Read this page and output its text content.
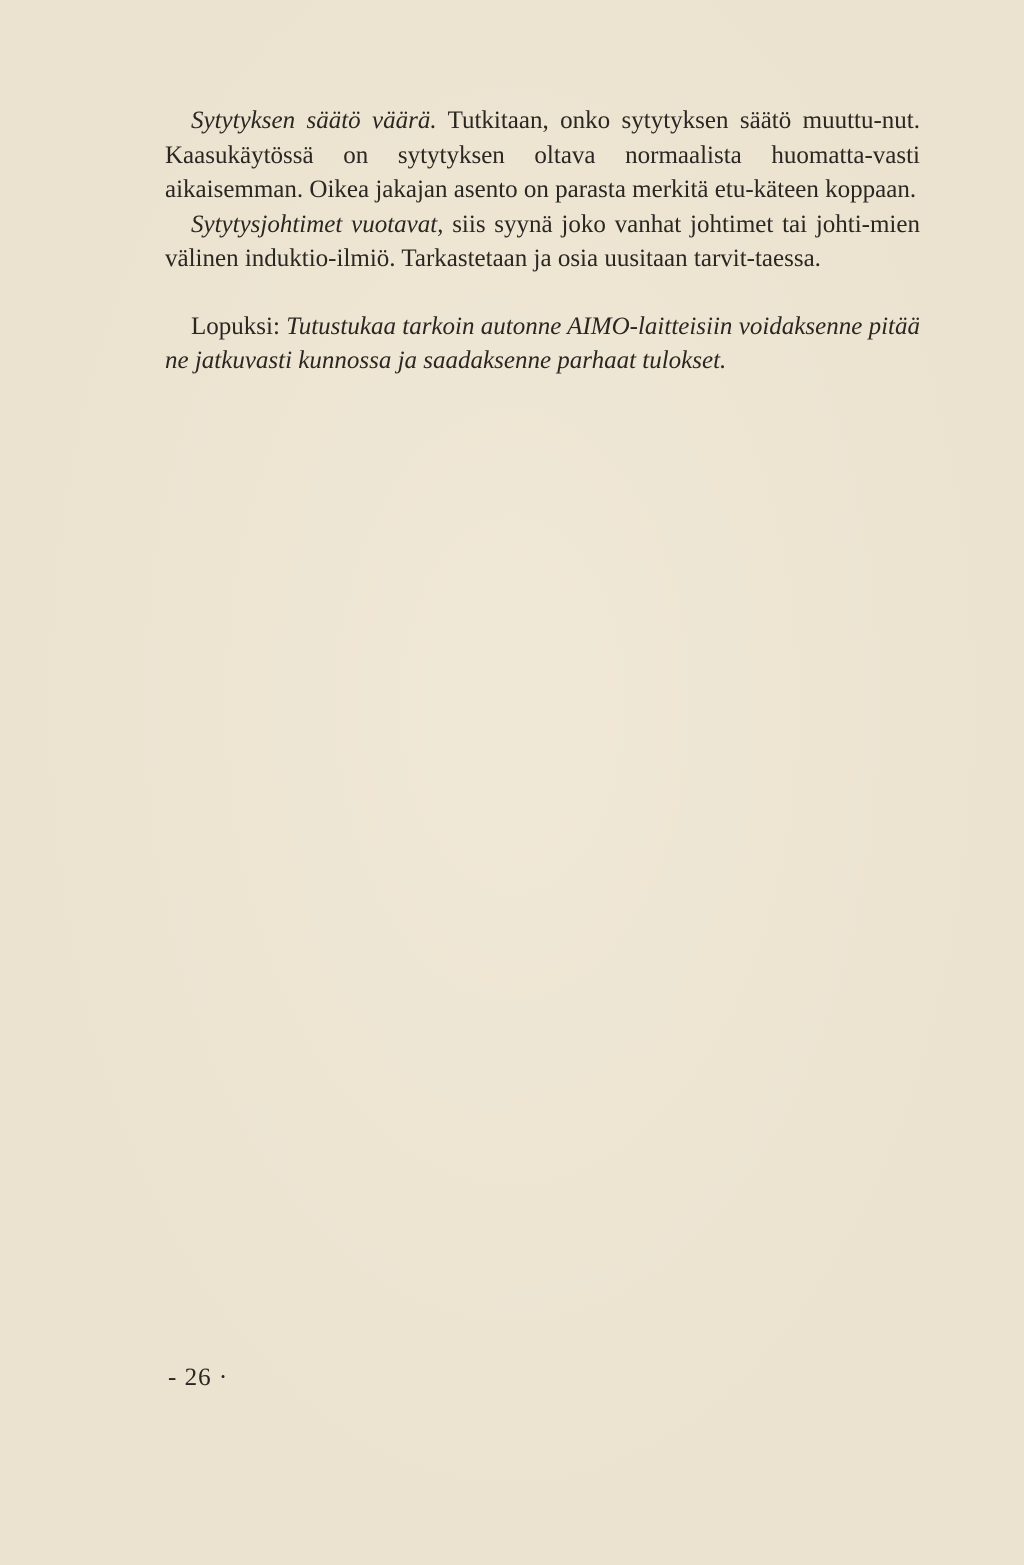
Sytytyksen säätö väärä. Tutkitaan, onko sytytyksen säätö muuttu-nut. Kaasukäytössä on sytytyksen oltava normaalista huomatta-vasti aikaisemman. Oikea jakajan asento on parasta merkitä etu-käteen koppaan.

Sytytysjohtimet vuotavat, siis syynä joko vanhat johtimet tai johti-mien välinen induktio-ilmiö. Tarkastetaan ja osia uusitaan tarvit-taessa.

Lopuksi: Tutustukaa tarkoin autonne AIMO-laitteisiin voidaksenne pitää ne jatkuvasti kunnossa ja saadaksenne parhaat tulokset.

- 26 ·
